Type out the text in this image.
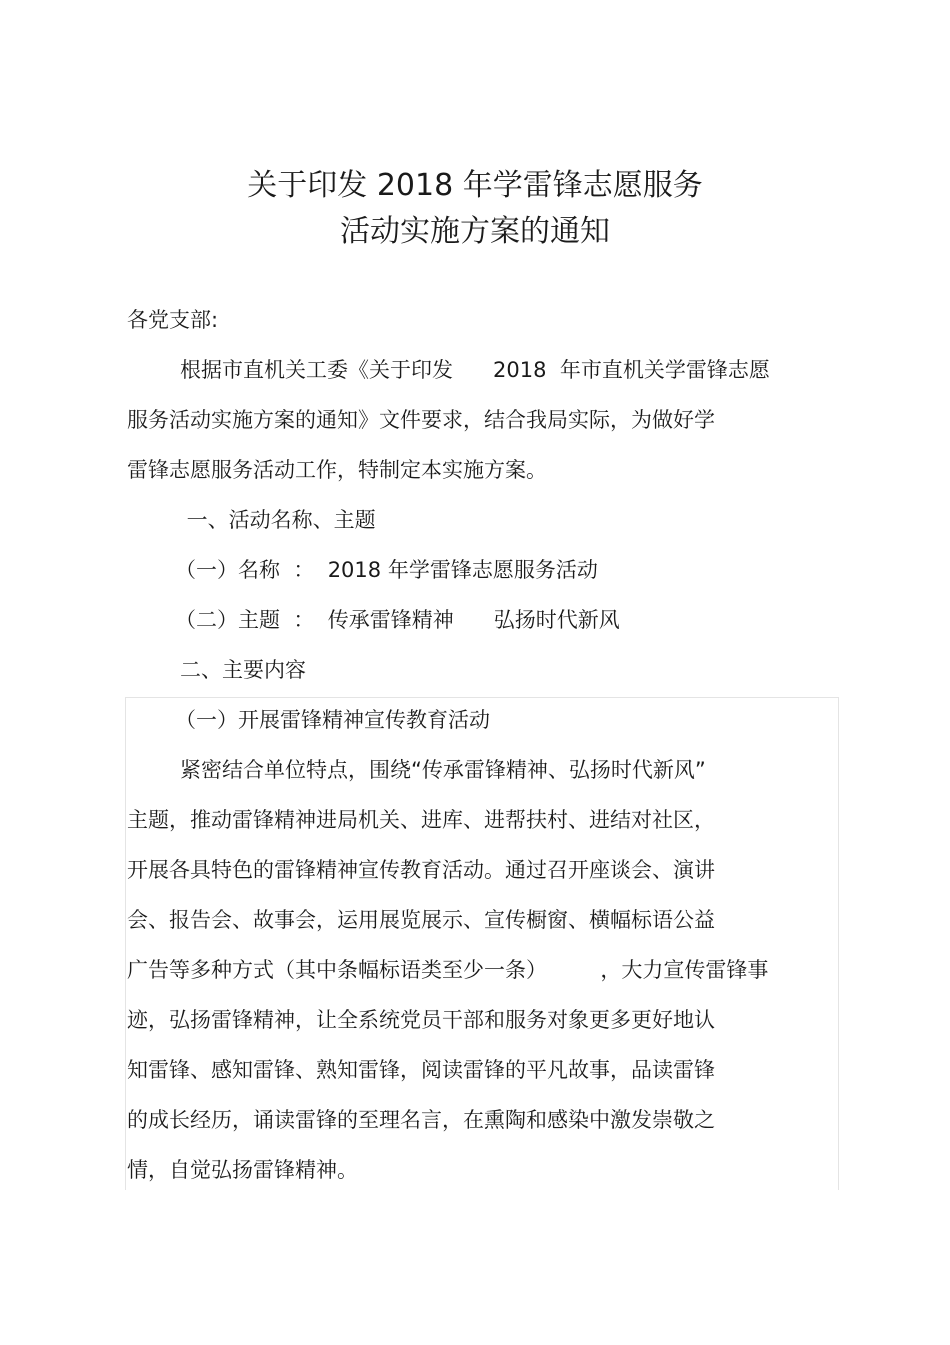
关于印发 2018 年学雷锋志愿服务
活动实施方案的通知
各党支部:
根据市直机关工委《关于印发      2018  年市直机关学雷锋志愿
服务活动实施方案的通知》文件要求，结合我局实际，为做好学
雷锋志愿服务活动工作，特制定本实施方案。
一、活动名称、主题
（一）名称  ：  2018 年学雷锋志愿服务活动
（二）主题  ：  传承雷锋精神      弘扬时代新风
二、主要内容
（一）开展雷锋精神宣传教育活动
紧密结合单位特点，围绕“传承雷锋精神、弘扬时代新风”
主题，推动雷锋精神进局机关、进库、进帮扶村、进结对社区，
开展各具特色的雷锋精神宣传教育活动。通过召开座谈会、演讲
会、报告会、故事会，运用展览展示、宣传橱窗、横幅标语公益
广告等多种方式（其中条幅标语类至少一条）        ，大力宣传雷锋事
迹，弘扬雷锋精神，让全系统党员干部和服务对象更多更好地认
知雷锋、感知雷锋、熟知雷锋，阅读雷锋的平凡故事，品读雷锋
的成长经历，诵读雷锋的至理名言，在熏陶和感染中激发崇敬之
情，自觉弘扬雷锋精神。
